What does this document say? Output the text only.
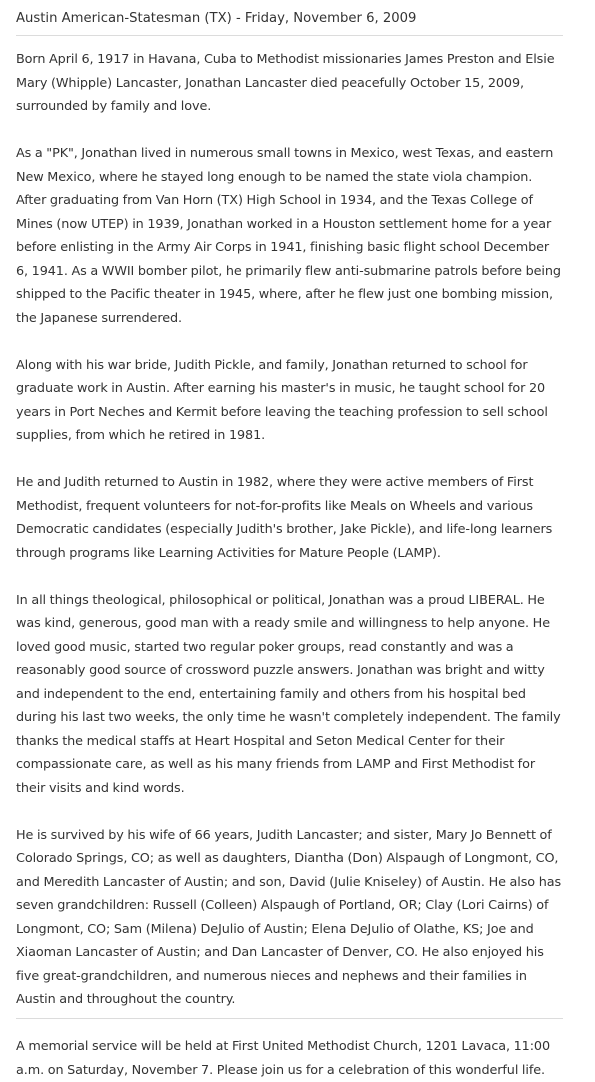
Austin American-Statesman (TX) - Friday, November 6, 2009

Born April 6, 1917 in Havana, Cuba to Methodist missionaries James Preston and Elsie Mary (Whipple) Lancaster, Jonathan Lancaster died peacefully October 15, 2009, surrounded by family and love.

As a "PK", Jonathan lived in numerous small towns in Mexico, west Texas, and eastern New Mexico, where he stayed long enough to be named the state viola champion. After graduating from Van Horn (TX) High School in 1934, and the Texas College of Mines (now UTEP) in 1939, Jonathan worked in a Houston settlement home for a year before enlisting in the Army Air Corps in 1941, finishing basic flight school December 6, 1941. As a WWII bomber pilot, he primarily flew anti-submarine patrols before being shipped to the Pacific theater in 1945, where, after he flew just one bombing mission, the Japanese surrendered.

Along with his war bride, Judith Pickle, and family, Jonathan returned to school for graduate work in Austin. After earning his master's in music, he taught school for 20 years in Port Neches and Kermit before leaving the teaching profession to sell school supplies, from which he retired in 1981.

He and Judith returned to Austin in 1982, where they were active members of First Methodist, frequent volunteers for not-for-profits like Meals on Wheels and various Democratic candidates (especially Judith's brother, Jake Pickle), and life-long learners through programs like Learning Activities for Mature People (LAMP).

In all things theological, philosophical or political, Jonathan was a proud LIBERAL. He was kind, generous, good man with a ready smile and willingness to help anyone. He loved good music, started two regular poker groups, read constantly and was a reasonably good source of crossword puzzle answers. Jonathan was bright and witty and independent to the end, entertaining family and others from his hospital bed during his last two weeks, the only time he wasn't completely independent. The family thanks the medical staffs at Heart Hospital and Seton Medical Center for their compassionate care, as well as his many friends from LAMP and First Methodist for their visits and kind words.

He is survived by his wife of 66 years, Judith Lancaster; and sister, Mary Jo Bennett of Colorado Springs, CO; as well as daughters, Diantha (Don) Alspaugh of Longmont, CO, and Meredith Lancaster of Austin; and son, David (Julie Kniseley) of Austin. He also has seven grandchildren: Russell (Colleen) Alspaugh of Portland, OR; Clay (Lori Cairns) of Longmont, CO; Sam (Milena) DeJulio of Austin; Elena DeJulio of Olathe, KS; Joe and Xiaoman Lancaster of Austin; and Dan Lancaster of Denver, CO. He also enjoyed his five great-grandchildren, and numerous nieces and nephews and their families in Austin and throughout the country.

A memorial service will be held at First United Methodist Church, 1201 Lavaca, 11:00 a.m. on Saturday, November 7. Please join us for a celebration of this wonderful life.
